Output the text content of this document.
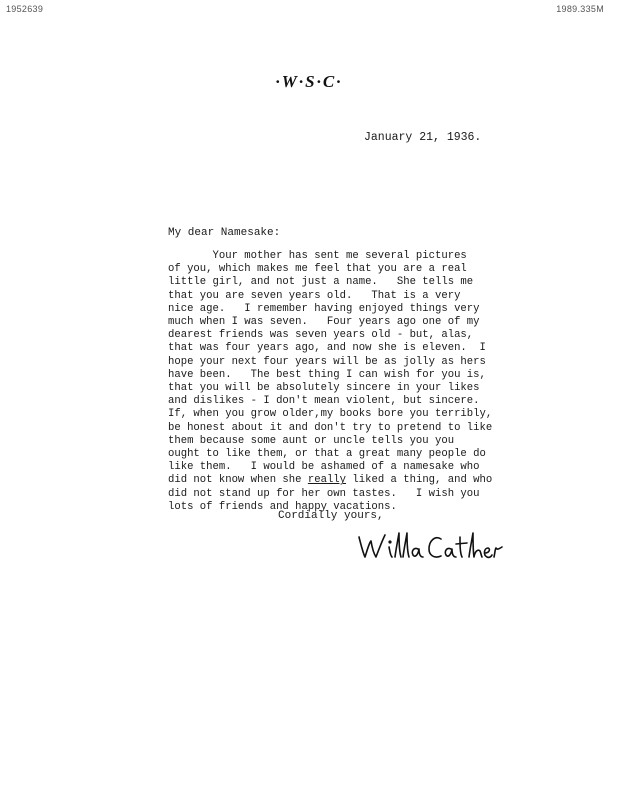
1952639	1989.335M
·W·S·C·
January 21, 1936.
My dear Namesake:
Your mother has sent me several pictures
of you, which makes me feel that you are a real
little girl, and not just a name.   She tells me
that you are seven years old.   That is a very
nice age.   I remember having enjoyed things very
much when I was seven.   Four years ago one of my
dearest friends was seven years old - but, alas,
that was four years ago, and now she is eleven.  I
hope your next four years will be as jolly as hers
have been.   The best thing I can wish for you is,
that you will be absolutely sincere in your likes
and dislikes - I don't mean violent, but sincere.
If, when you grow older,my books bore you terribly,
be honest about it and don't try to pretend to like
them because some aunt or uncle tells you you
ought to like them, or that a great many people do
like them.   I would be ashamed of a namesake who
did not know when she really liked a thing, and who
did not stand up for her own tastes.   I wish you
lots of friends and happy vacations.
Cordially yours,
